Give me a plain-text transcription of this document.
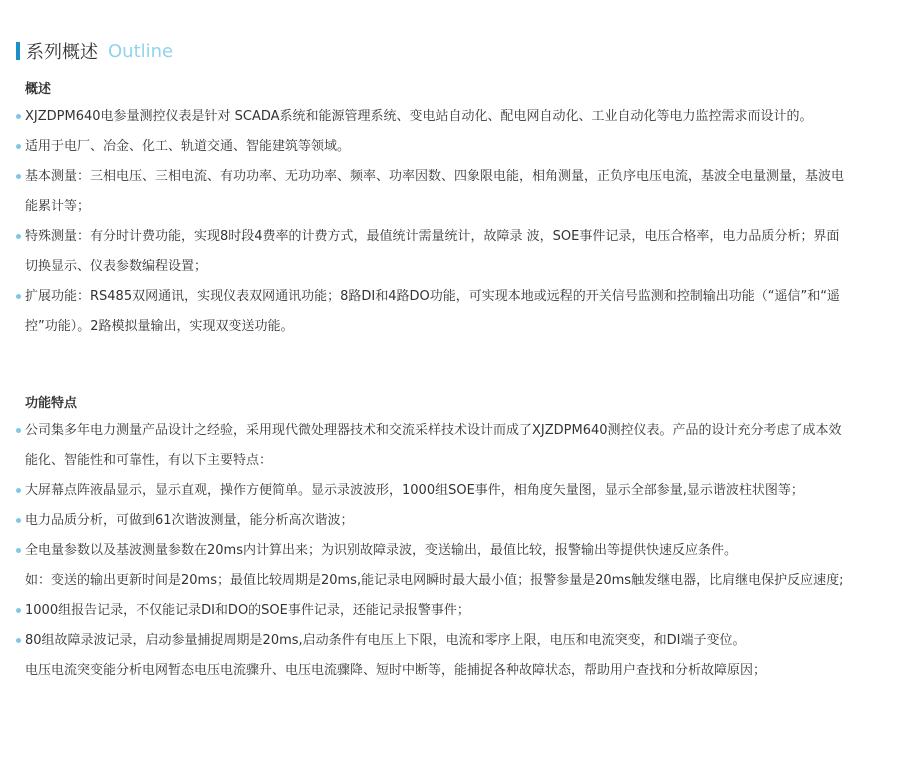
系列概述 Outline
概述
XJZDPM640电参量测控仪表是针对 SCADA系统和能源管理系统、变电站自动化、配电网自动化、工业自动化等电力监控需求而设计的。
适用于电厂、冶金、化工、轨道交通、智能建筑等领域。
基本测量：三相电压、三相电流、有功功率、无功功率、频率、功率因数、四象限电能，相角测量，正负序电压电流，基波全电量测量，基波电能累计等；
特殊测量：有分时计费功能，实现8时段4费率的计费方式，最值统计需量统计，故障录 波，SOE事件记录，电压合格率，电力品质分析；界面切换显示、仪表参数编程设置；
扩展功能：RS485双网通讯，实现仪表双网通讯功能；8路DI和4路DO功能，可实现本地或远程的开关信号监测和控制输出功能（“遥信”和“遥控”功能）。2路模拟量输出，实现双变送功能。
功能特点
公司集多年电力测量产品设计之经验，采用现代微处理器技术和交流采样技术设计而成了XJZDPM640测控仪表。产品的设计充分考虑了成本效能化、智能性和可靠性，有以下主要特点：
大屏幕点阵液晶显示，显示直观，操作方便简单。显示录波波形，1000组SOE事件，相角度矢量图，显示全部参量,显示谐波柱状图等；
电力品质分析，可做到61次谐波测量，能分析高次谐波；
全电量参数以及基波测量参数在20ms内计算出来；为识别故障录波，变送输出，最值比较，报警输出等提供快速反应条件。
如：变送的输出更新时间是20ms；最值比较周期是20ms,能记录电网瞬时最大最小值；报警参量是20ms触发继电器，比肩继电保护反应速度;
1000组报告记录，不仅能记录DI和DO的SOE事件记录，还能记录报警事件；
80组故障录波记录，启动参量捕捉周期是20ms,启动条件有电压上下限，电流和零序上限，电压和电流突变，和DI端子变位。
电压电流突变能分析电网暂态电压电流骤升、电压电流骤降、短时中断等，能捕捉各种故障状态，帮助用户查找和分析故障原因；
